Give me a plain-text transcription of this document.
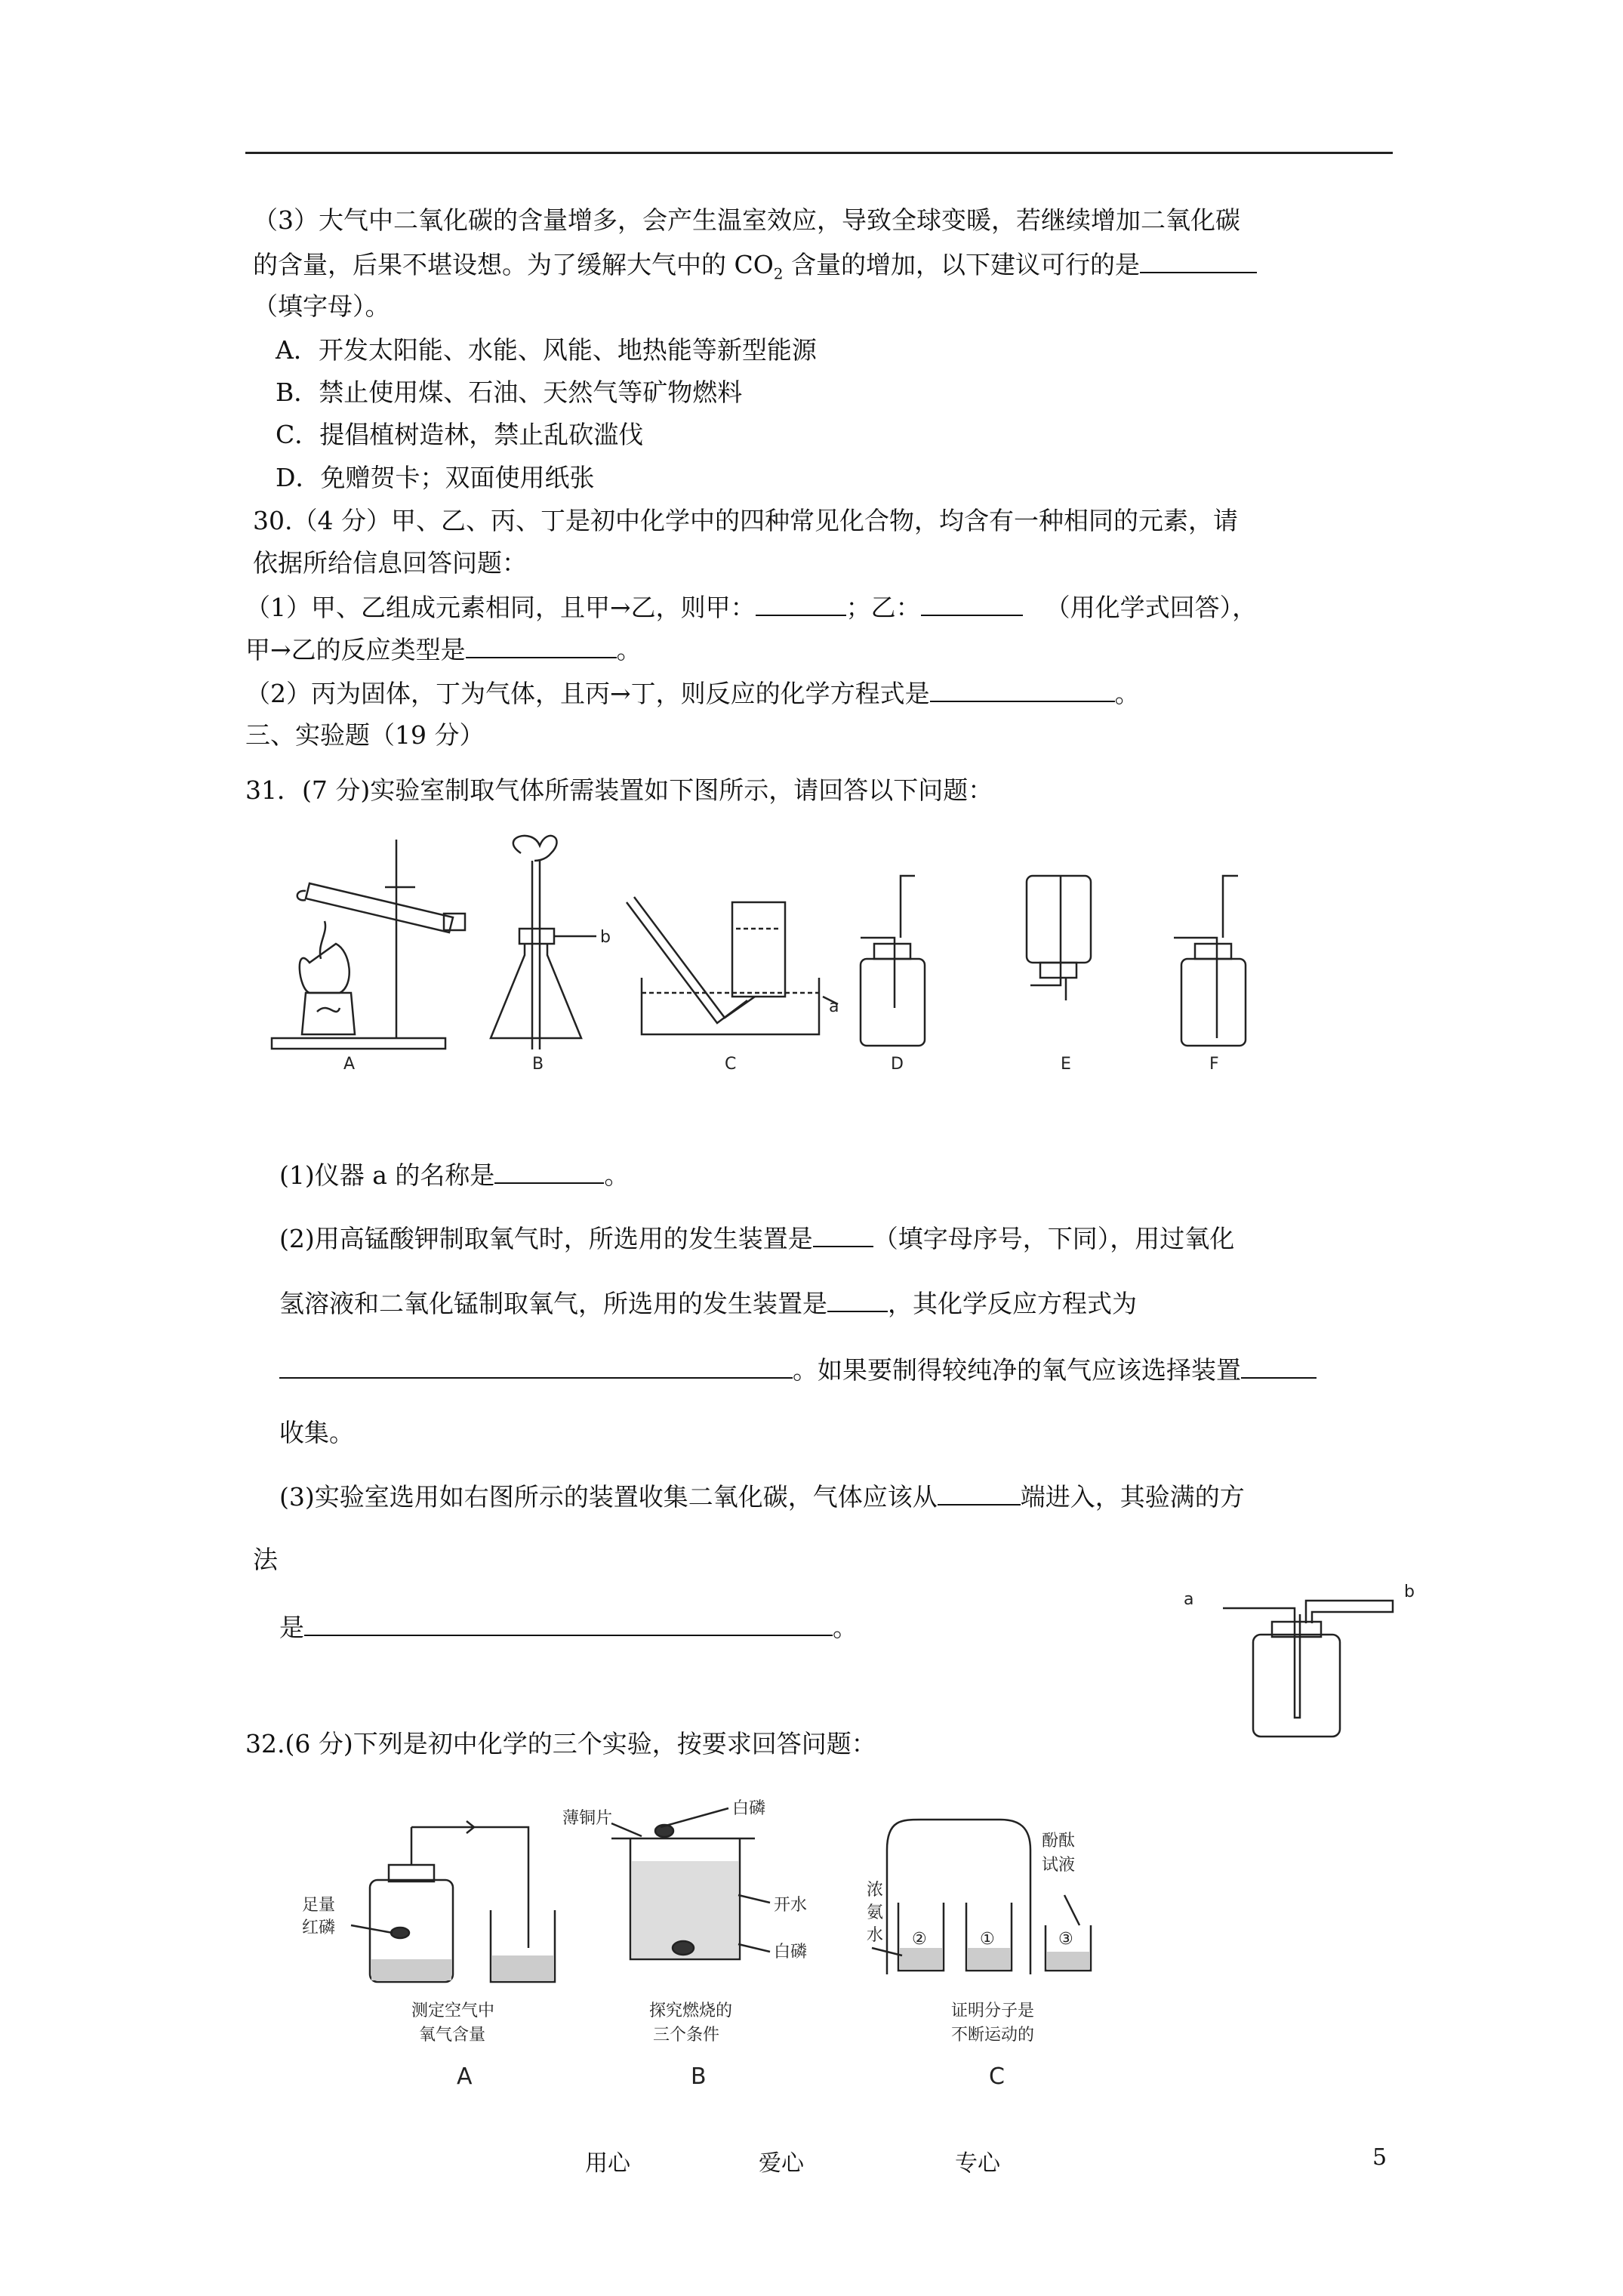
（3）大气中二氧化碳的含量增多，会产生温室效应，导致全球变暖，若继续增加二氧化碳
的含量，后果不堪设想。为了缓解大气中的 $CO_2$ 含量的增加，以下建议可行的是
（填字母）。
A．开发太阳能、水能、风能、地热能等新型能源
B．禁止使用煤、石油、天然气等矿物燃料
C．提倡植树造林，禁止乱砍滥伐
D．免赠贺卡；双面使用纸张
30.（4 分）甲、乙、丙、丁是初中化学中的四种常见化合物，均含有一种相同的元素，请
依据所给信息回答问题：
（1）甲、乙组成元素相同，且甲→乙，则甲：	；乙：	（用化学式回答），
甲→乙的反应类型是	。
（2）丙为固体，丁为气体，且丙→丁，则反应的化学方程式是	。
三、实验题（19 分）
31．(7 分)实验室制取气体所需装置如下图所示，请回答以下问题：
A	B	C	D	E	F
b
a
(1)仪器 a 的名称是	。
(2)用高锰酸钾制取氧气时，所选用的发生装置是 （填字母序号，下同），用过氧化
氢溶液和二氧化锰制取氧气，所选用的发生装置是 ，其化学反应方程式为
。如果要制得较纯净的氧气应该选择装置
收集。
(3)实验室选用如右图所示的装置收集二氧化碳，气体应该从	端进入，其验满的方
法
是	。
a	b
32.(6 分)下列是初中化学的三个实验，按要求回答问题：
足量
红磷
测定空气中
氧气含量
A
薄铜片
白磷
开水
白磷
探究燃烧的
三个条件
B
浓
氨
水
酚酞
试液
②	①	③
证明分子是
不断运动的
C
用心	爱心	专心	5
